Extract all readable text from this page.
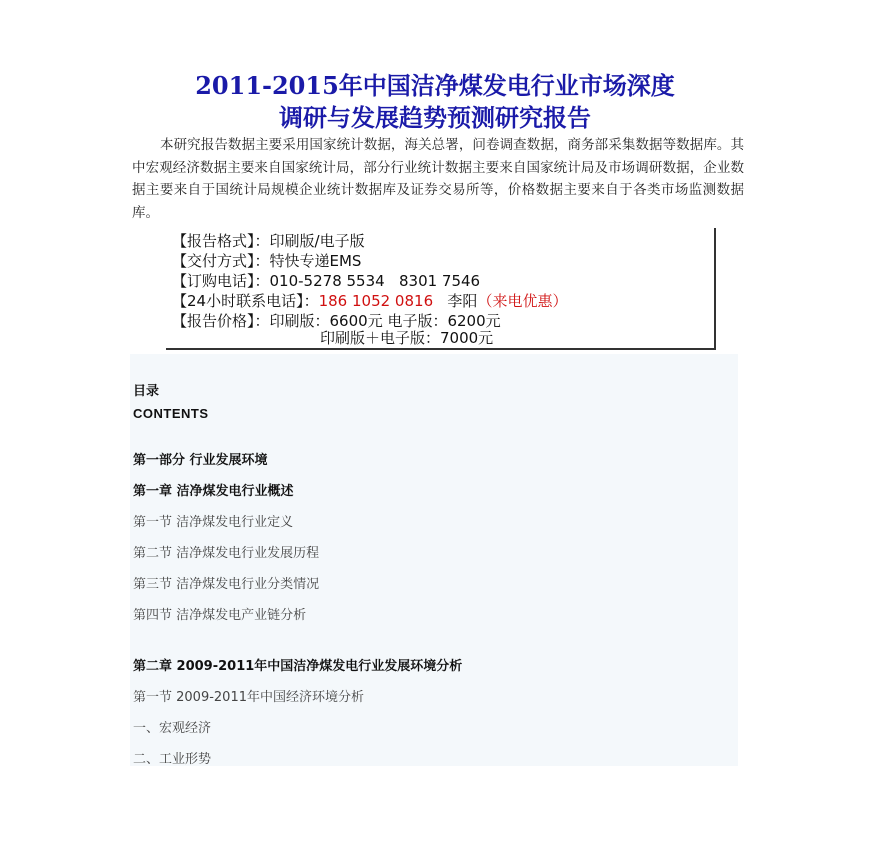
2011-2015年中国洁净煤发电行业市场深度
调研与发展趋势预测研究报告
本研究报告数据主要采用国家统计数据，海关总署，问卷调查数据，商务部采集数据等数据库。其中宏观经济数据主要来自国家统计局，部分行业统计数据主要来自国家统计局及市场调研数据，企业数据主要来自于国统计局规模企业统计数据库及证券交易所等，价格数据主要来自于各类市场监测数据库。
【报告格式】：印刷版/电子版
【交付方式】：特快专递EMS
【订购电话】：010-5278 5534   8301 7546
【24小时联系电话】：186 1052 0816 李阳（来电优惠）
【报告价格】：印刷版：6600元 电子版：6200元
印刷版＋电子版：7000元
目录
CONTENTS
第一部分 行业发展环境
第一章 洁净煤发电行业概述
第一节 洁净煤发电行业定义
第二节 洁净煤发电行业发展历程
第三节 洁净煤发电行业分类情况
第四节 洁净煤发电产业链分析
第二章 2009-2011年中国洁净煤发电行业发展环境分析
第一节 2009-2011年中国经济环境分析
一、宏观经济
二、工业形势
